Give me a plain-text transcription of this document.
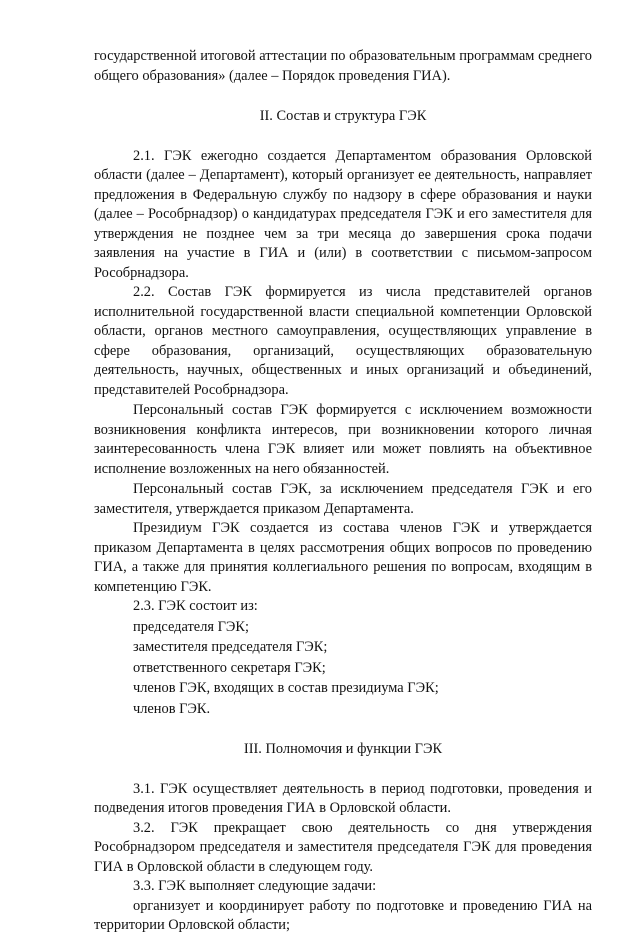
государственной итоговой аттестации по образовательным программам среднего общего образования» (далее – Порядок проведения ГИА).

II. Состав и структура ГЭК

2.1. ГЭК ежегодно создается Департаментом образования Орловской области (далее – Департамент), который организует ее деятельность, направляет предложения в Федеральную службу по надзору в сфере образования и науки (далее – Рособрнадзор) о кандидатурах председателя ГЭК и его заместителя для утверждения не позднее чем за три месяца до завершения срока подачи заявления на участие в ГИА и (или) в соответствии с письмом-запросом Рособрнадзора.

2.2. Состав ГЭК формируется из числа представителей органов исполнительной государственной власти специальной компетенции Орловской области, органов местного самоуправления, осуществляющих управление в сфере образования, организаций, осуществляющих образовательную деятельность, научных, общественных и иных организаций и объединений, представителей Рособрнадзора.

Персональный состав ГЭК формируется с исключением возможности возникновения конфликта интересов, при возникновении которого личная заинтересованность члена ГЭК влияет или может повлиять на объективное исполнение возложенных на него обязанностей.

Персональный состав ГЭК, за исключением председателя ГЭК и его заместителя, утверждается приказом Департамента.

Президиум ГЭК создается из состава членов ГЭК и утверждается приказом Департамента в целях рассмотрения общих вопросов по проведению ГИА, а также для принятия коллегиального решения по вопросам, входящим в компетенцию ГЭК.

2.3. ГЭК состоит из:

председателя ГЭК;

заместителя председателя ГЭК;

ответственного секретаря ГЭК;

членов ГЭК, входящих в состав президиума ГЭК;

членов ГЭК.

III. Полномочия и функции ГЭК

3.1. ГЭК осуществляет деятельность в период подготовки, проведения и подведения итогов проведения ГИА в Орловской области.

3.2. ГЭК прекращает свою деятельность со дня утверждения Рособрнадзором председателя и заместителя председателя ГЭК для проведения ГИА в Орловской области в следующем году.

3.3. ГЭК выполняет следующие задачи:

организует и координирует работу по подготовке и проведению ГИА на территории Орловской области;
